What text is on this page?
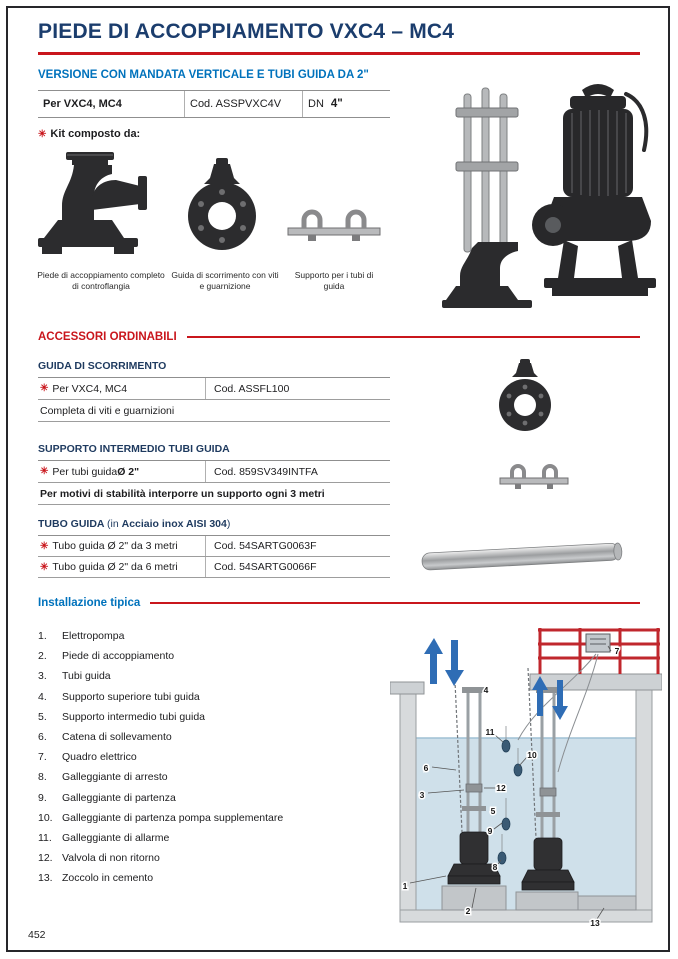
PIEDE DI ACCOPPIAMENTO VXC4 – MC4
VERSIONE CON MANDATA VERTICALE E TUBI GUIDA DA 2"
Per VXC4, MC4	Cod. ASSPVXC4V	DN 4"
✳ Kit composto da:
Piede di accoppiamento completo di controflangia
Guida di scorrimento con viti e guarnizione
Supporto per i tubi di guida
ACCESSORI ORDINABILI
GUIDA DI SCORRIMENTO
✳ Per VXC4, MC4	Cod. ASSFL100
Completa di viti e guarnizioni
SUPPORTO INTERMEDIO TUBI GUIDA
✳ Per tubi guida Ø 2"	Cod. 859SV349INTFA
Per motivi di stabilità interporre un supporto ogni 3 metri
TUBO GUIDA (in Acciaio inox AISI 304)
✳ Tubo guida Ø 2" da 3 metri	Cod. 54SARTG0063F
✳ Tubo guida Ø 2" da 6 metri	Cod. 54SARTG0066F
Installazione tipica
1.	Elettropompa
2.	Piede di accoppiamento
3.	Tubi guida
4.	Supporto superiore tubi guida
5.	Supporto intermedio tubi guida
6.	Catena di sollevamento
7.	Quadro elettrico
8.	Galleggiante di arresto
9.	Galleggiante di partenza
10. Galleggiante di partenza pompa supplementare
11. Galleggiante di allarme
12. Valvola di non ritorno
13. Zoccolo in cemento
1
2
3
4
5
6
7
8
9
10
11
12
13
452
